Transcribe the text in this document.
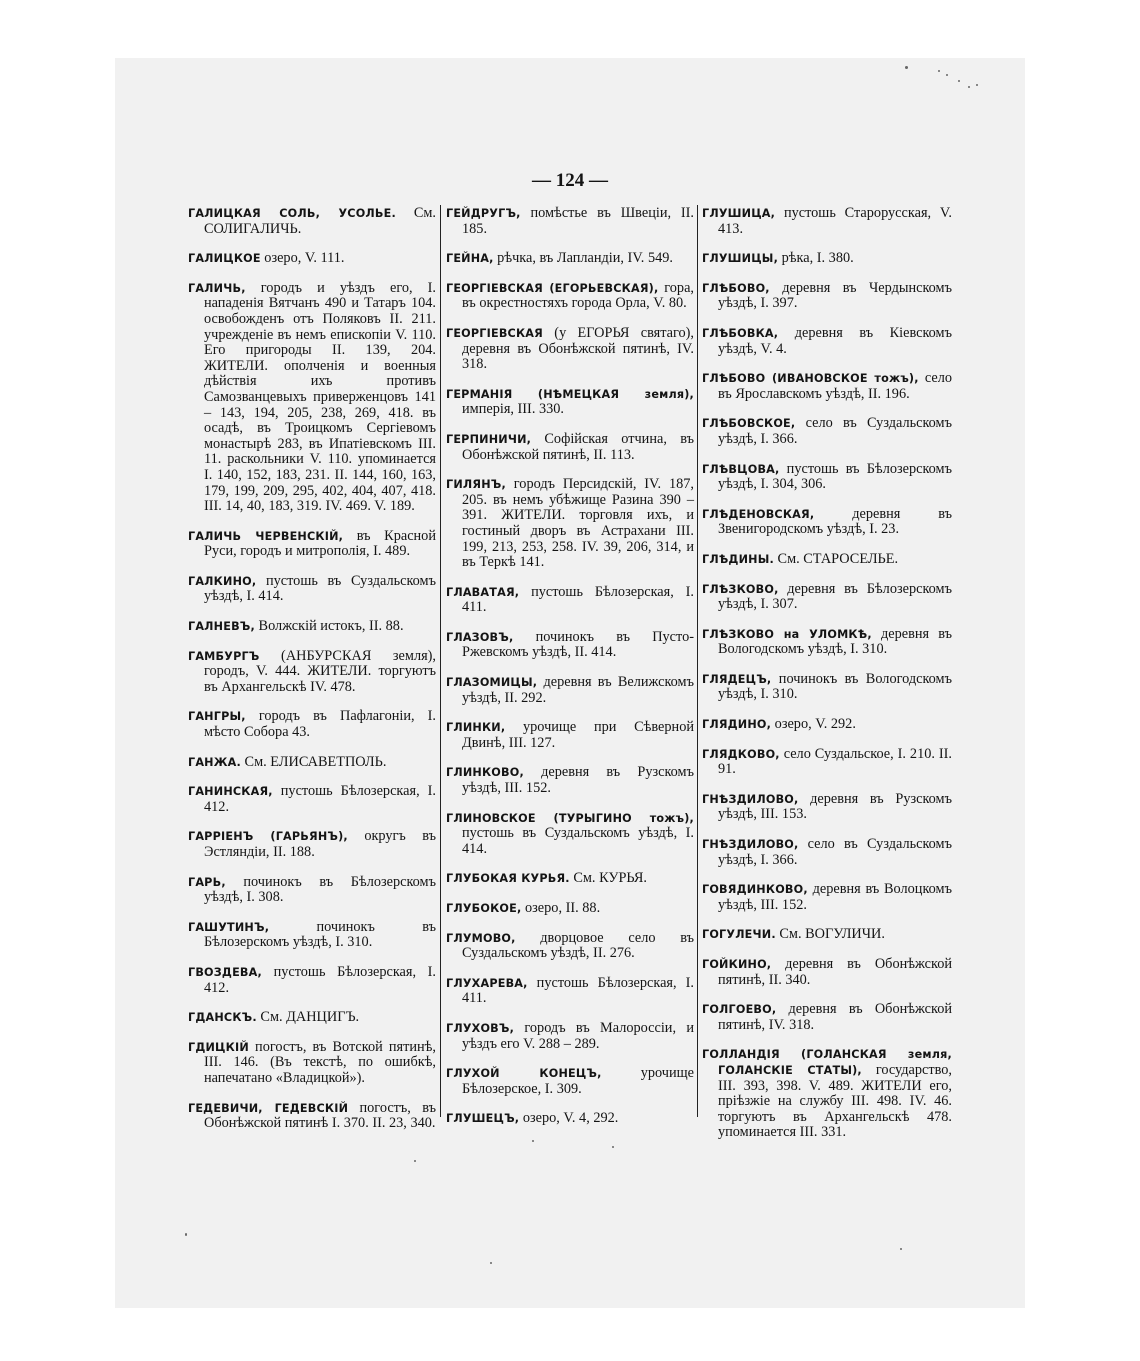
— 124 —

ГАЛИЦКАЯ СОЛЬ, УСОЛЬЕ. См. СОЛИГАЛИЧЬ.

ГАЛИЦКОЕ озеро, V. 111.

ГАЛИЧЬ, городъ и уѣздъ его, I. нападенія Вятчанъ 490 и Татаръ 104. освобожденъ отъ Поляковъ II. 211. учрежденіе въ немъ епископіи V. 110. Его пригороды II. 139, 204. ЖИТЕЛИ. ополченія и военныя дѣйствія ихъ противъ Самозванцевыхъ приверженцовъ 141 – 143, 194, 205, 238, 269, 418. въ осадѣ, въ Троицкомъ Сергіевомъ монастырѣ 283, въ Ипатіевскомъ III. 11. раскольники V. 110. упоминается I. 140, 152, 183, 231. II. 144, 160, 163, 179, 199, 209, 295, 402, 404, 407, 418. III. 14, 40, 183, 319. IV. 469. V. 189.

ГАЛИЧЬ ЧЕРВЕНСКІЙ, въ Красной Руси, городъ и митрополія, I. 489.

ГАЛКИНО, пустошь въ Суздальскомъ уѣздѣ, I. 414.

ГАЛНЕВЪ, Волжскій истокъ, II. 88.

ГАМБУРГЪ (АНБУРСКАЯ земля), городъ, V. 444. ЖИТЕЛИ. торгуютъ въ Архангельскѣ IV. 478.

ГАНГРЫ, городъ въ Пафлагоніи, I. мѣсто Собора 43.

ГАНЖА. См. ЕЛИСАВЕТПОЛЬ.

ГАНИНСКАЯ, пустошь Бѣлозерская, I. 412.

ГАРРІЕНЪ (ГАРЬЯНЪ), округъ въ Эстляндіи, II. 188.

ГАРЬ, починокъ въ Бѣлозерскомъ уѣздѣ, I. 308.

ГАШУТИНЪ, починокъ въ Бѣлозерскомъ уѣздѣ, I. 310.

ГВОЗДЕВА, пустошь Бѣлозерская, I. 412.

ГДАНСКЪ. См. ДАНЦИГЪ.

ГДИЦКІЙ погостъ, въ Вотской пятинѣ, III. 146. (Въ текстѣ, по ошибкѣ, напечатано «Владицкой»).

ГЕДЕВИЧИ, ГЕДЕВСКІЙ погостъ, въ Обонѣжской пятинѣ I. 370. II. 23, 340.

ГЕЙДРУГЪ, помѣстье въ Швеціи, II. 185.

ГЕЙНА, рѣчка, въ Лапландіи, IV. 549.

ГЕОРГІЕВСКАЯ (ЕГОРЬЕВСКАЯ), гора, въ окрестностяхъ города Орла, V. 80.

ГЕОРГІЕВСКАЯ (у ЕГОРЬЯ святаго), деревня въ Обонѣжской пятинѣ, IV. 318.

ГЕРМАНІЯ (НѢМЕЦКАЯ земля), имперія, III. 330.

ГЕРПИНИЧИ, Софійская отчина, въ Обонѣжской пятинѣ, II. 113.

ГИЛЯНЪ, городъ Персидскій, IV. 187, 205. въ немъ убѣжище Разина 390 – 391. ЖИТЕЛИ. торговля ихъ, и гостиный дворъ въ Астрахани III. 199, 213, 253, 258. IV. 39, 206, 314, и въ Теркѣ 141.

ГЛАВАТАЯ, пустошь Бѣлозерская, I. 411.

ГЛАЗОВЪ, починокъ въ Пусто-Ржевскомъ уѣздѣ, II. 414.

ГЛАЗОМИЦЫ, деревня въ Велижскомъ уѣздѣ, II. 292.

ГЛИНКИ, урочище при Сѣверной Двинѣ, III. 127.

ГЛИНКОВО, деревня въ Рузскомъ уѣздѣ, III. 152.

ГЛИНОВСКОЕ (ТУРЫГИНО тожъ), пустошь въ Суздальскомъ уѣздѣ, I. 414.

ГЛУБОКАЯ КУРЬЯ. См. КУРЬЯ.

ГЛУБОКОЕ, озеро, II. 88.

ГЛУМОВО, дворцовое село въ Суздальскомъ уѣздѣ, II. 276.

ГЛУХАРЕВА, пустошь Бѣлозерская, I. 411.

ГЛУХОВЪ, городъ въ Малороссіи, и уѣздъ его V. 288 – 289.

ГЛУХОЙ КОНЕЦЪ, урочище Бѣлозерское, I. 309.

ГЛУШЕЦЪ, озеро, V. 4, 292.

ГЛУШИЦА, пустошь Старорусская, V. 413.

ГЛУШИЦЫ, рѣка, I. 380.

ГЛѢБОВО, деревня въ Чердынскомъ уѣздѣ, I. 397.

ГЛѢБОВКА, деревня въ Кіевскомъ уѣздѣ, V. 4.

ГЛѢБОВО (ИВАНОВСКОЕ тожъ), село въ Ярославскомъ уѣздѣ, II. 196.

ГЛѢБОВСКОЕ, село въ Суздальскомъ уѣздѣ, I. 366.

ГЛѢВЦОВА, пустошь въ Бѣлозерскомъ уѣздѣ, I. 304, 306.

ГЛѢДЕНОВСКАЯ, деревня въ Звенигородскомъ уѣздѣ, I. 23.

ГЛѢДИНЫ. См. СТАРОСЕЛЬЕ.

ГЛѢЗКОВО, деревня въ Бѣлозерскомъ уѣздѣ, I. 307.

ГЛѢЗКОВО на УЛОМКѢ, деревня въ Вологодскомъ уѣздѣ, I. 310.

ГЛЯДЕЦЪ, починокъ въ Вологодскомъ уѣздѣ, I. 310.

ГЛЯДИНО, озеро, V. 292.

ГЛЯДКОВО, село Суздальское, I. 210. II. 91.

ГНѢЗДИЛОВО, деревня въ Рузскомъ уѣздѣ, III. 153.

ГНѢЗДИЛОВО, село въ Суздальскомъ уѣздѣ, I. 366.

ГОВЯДИНКОВО, деревня въ Волоцкомъ уѣздѣ, III. 152.

ГОГУЛЕЧИ. См. ВОГУЛИЧИ.

ГОЙКИНО, деревня въ Обонѣжской пятинѣ, II. 340.

ГОЛГОЕВО, деревня въ Обонѣжской пятинѣ, IV. 318.

ГОЛЛАНДІЯ (ГОЛАНСКАЯ земля, ГОЛАНСКІЕ СТАТЫ), государство, III. 393, 398. V. 489. ЖИТЕЛИ его, пріѣзжіе на службу III. 498. IV. 46. торгуютъ въ Архангельскѣ 478. упоминается III. 331.
